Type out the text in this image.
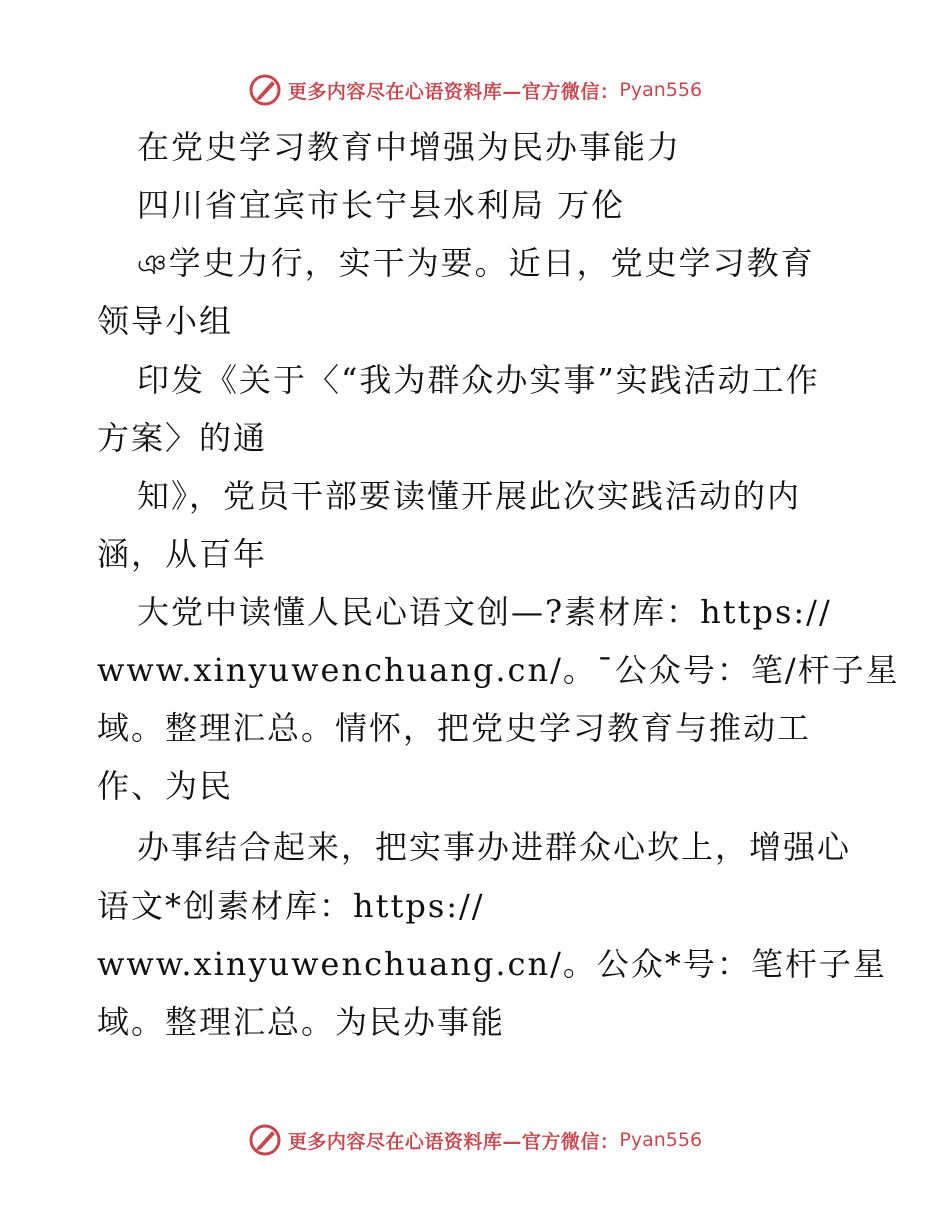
更多内容尽在心语资料库—官方微信： Pyan556
在党史学习教育中增强为民办事能力
四川省宜宾市长宁县水利局 万伦
ঞ学史力行，实干为要。近日，党史学习教育
领导小组
印发《关于〈“我为群众办实事”实践活动工作
方案〉的通
知》，党员干部要读懂开展此次实践活动的内
涵，从百年
大党中读懂人民心语文创—?素材库：https://
www.xinyuwenchuang.cn/。¯公众号：笔/杆子星
域。整理汇总。情怀，把党史学习教育与推动工
作、为民
办事结合起来，把实事办进群众心坎上，增强心
语文*创素材库：https://
www.xinyuwenchuang.cn/。公众*号：笔杆子星
域。整理汇总。为民办事能
更多内容尽在心语资料库—官方微信： Pyan556
